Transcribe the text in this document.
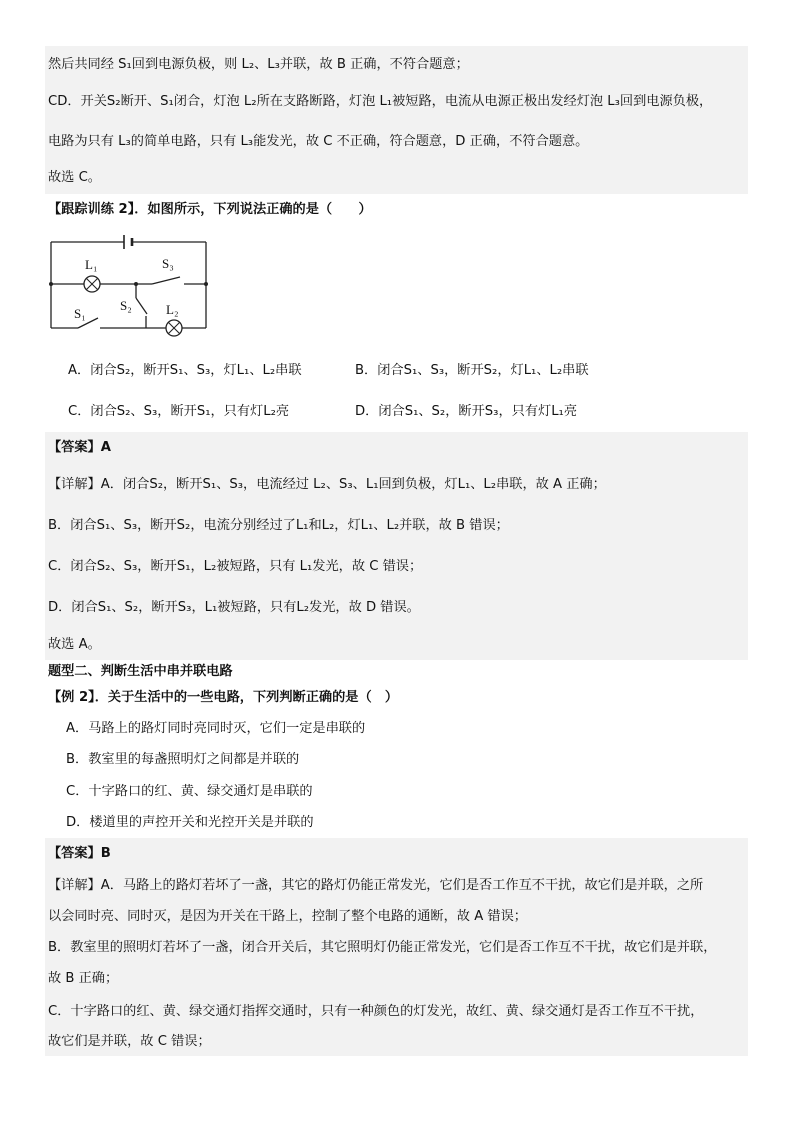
然后共同经 S₁回到电源负极，则 L₂、L₃并联，故 B 正确，不符合题意；
CD．开关S₂断开、S₁闭合，灯泡 L₂所在支路断路，灯泡 L₁被短路，电流从电源正极出发经灯泡 L₃回到电源负极，
电路为只有 L₃的简单电路，只有 L₃能发光，故 C 不正确，符合题意，D 正确，不符合题意。
故选 C。
【跟踪训练 2】．如图所示，下列说法正确的是（　　）
L₁	S₃
S₂	L₂
S₁
A．闭合S₂，断开S₁、S₃，灯L₁、L₂串联	B．闭合S₁、S₃，断开S₂，灯L₁、L₂串联
C．闭合S₂、S₃，断开S₁，只有灯L₂亮	D．闭合S₁、S₂，断开S₃，只有灯L₁亮
【答案】A
【详解】A．闭合S₂，断开S₁、S₃，电流经过 L₂、S₃、L₁回到负极，灯L₁、L₂串联，故 A 正确；
B．闭合S₁、S₃，断开S₂，电流分别经过了L₁和L₂，灯L₁、L₂并联，故 B 错误；
C．闭合S₂、S₃，断开S₁，L₂被短路，只有 L₁发光，故 C 错误；
D．闭合S₁、S₂，断开S₃，L₁被短路，只有L₂发光，故 D 错误。
故选 A。
题型二、判断生活中串并联电路
【例 2】．关于生活中的一些电路，下列判断正确的是（　）
A．马路上的路灯同时亮同时灭，它们一定是串联的
B．教室里的每盏照明灯之间都是并联的
C．十字路口的红、黄、绿交通灯是串联的
D．楼道里的声控开关和光控开关是并联的
【答案】B
【详解】A．马路上的路灯若坏了一盏，其它的路灯仍能正常发光，它们是否工作互不干扰，故它们是并联，之所
以会同时亮、同时灭，是因为开关在干路上，控制了整个电路的通断，故 A 错误；
B．教室里的照明灯若坏了一盏，闭合开关后，其它照明灯仍能正常发光，它们是否工作互不干扰，故它们是并联，
故 B 正确；
C．十字路口的红、黄、绿交通灯指挥交通时，只有一种颜色的灯发光，故红、黄、绿交通灯是否工作互不干扰，
故它们是并联，故 C 错误；
